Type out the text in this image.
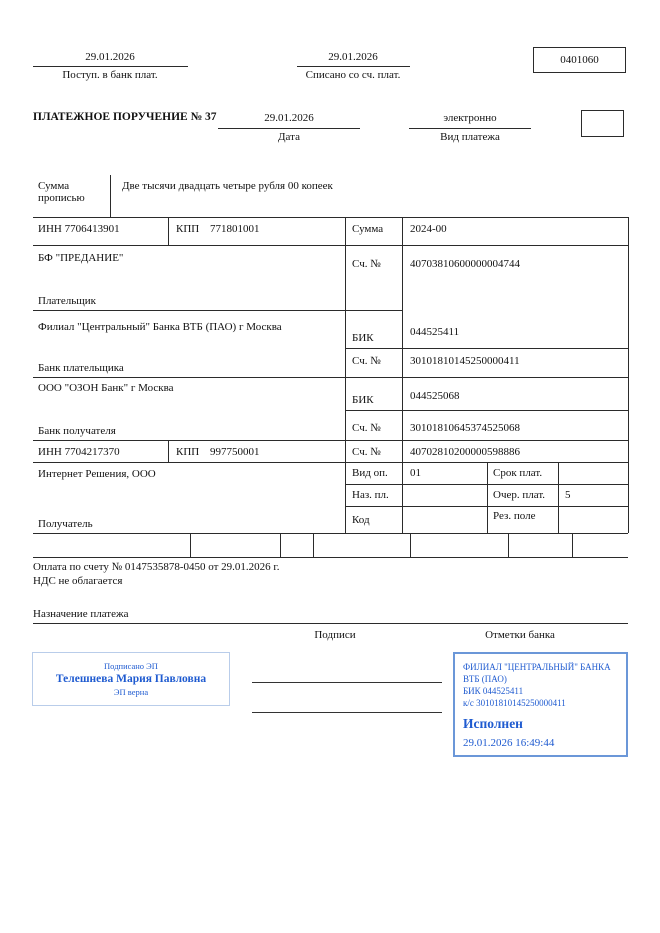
29.01.2026
Поступ. в банк плат.
29.01.2026
Списано со сч. плат.
0401060
ПЛАТЕЖНОЕ ПОРУЧЕНИЕ № 37	29.01.2026
Дата
электронно
Вид платежа
Сумма прописью
Две тысячи двадцать четыре рубля 00 копеек
ИНН 7706413901	КПП 771801001	Сумма 2024-00
БФ "ПРЕДАНИЕ"
Плательщик
Сч. №	40703810600000004744
Филиал "Центральный" Банка ВТБ (ПАО) г Москва
Банк плательщика
БИК	044525411
Сч. №	30101810145250000411
ООО "ОЗОН Банк" г Москва
Банк получателя
БИК	044525068
Сч. №	30101810645374525068
ИНН 7704217370	КПП 997750001	Сч. №	40702810200000598886
Интернет Решения, ООО
Получатель
Вид оп. 01	Срок плат.
Наз. пл.	Очер. плат. 5
Код	Рез. поле
Оплата по счету № 0147535878-0450 от 29.01.2026 г.
НДС не облагается
Назначение платежа
Подписи	Отметки банка
Подписано ЭП
Телешнева Мария Павловна
ЭП верна
ФИЛИАЛ "ЦЕНТРАЛЬНЫЙ" БАНКА ВТБ (ПАО)
БИК 044525411
к/с 30101810145250000411
Исполнен
29.01.2026 16:49:44
